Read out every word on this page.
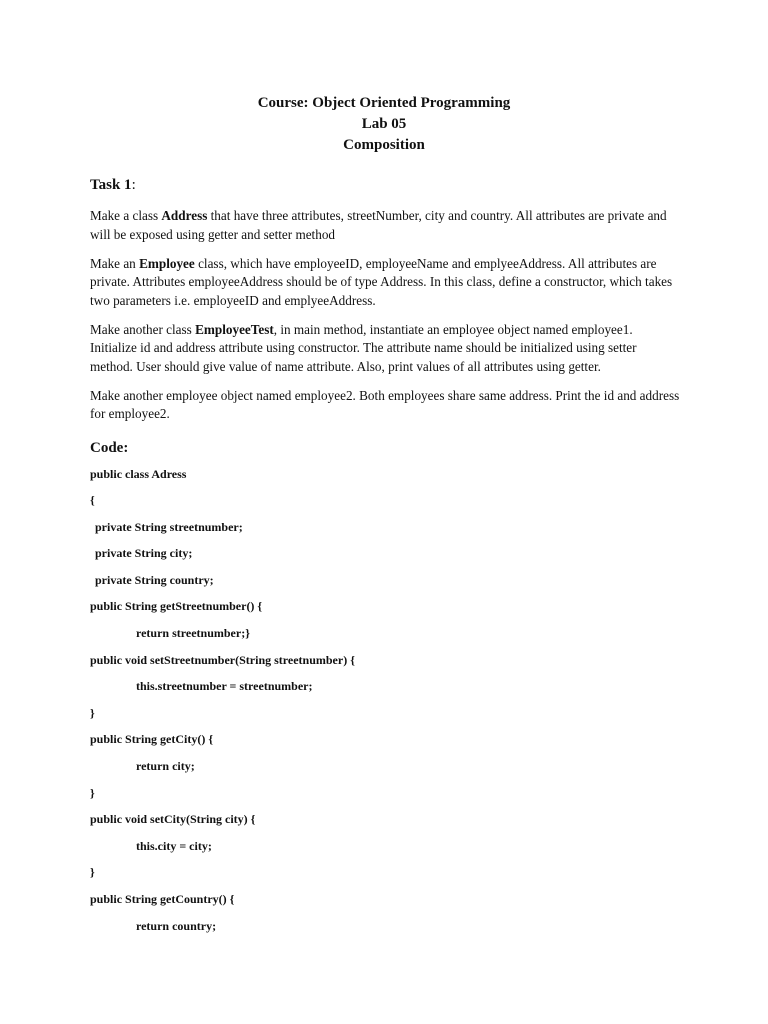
Course: Object Oriented Programming
Lab 05
Composition
Task 1:
Make a class Address that have three attributes, streetNumber, city and country. All attributes are private and will be exposed using getter and setter method
Make an Employee class, which have employeeID, employeeName and emplyeeAddress. All attributes are private. Attributes employeeAddress should be of type Address. In this class, define a constructor, which takes two parameters i.e. employeeID and emplyeeAddress.
Make another class EmployeeTest, in main method, instantiate an employee object named employee1. Initialize id and address attribute using constructor. The attribute name should be initialized using setter method. User should give value of name attribute. Also, print values of all attributes using getter.
Make another employee object named employee2. Both employees share same address. Print the id and address for employee2.
Code:
public class Adress
{
private String streetnumber;
private String city;
private String country;
public String getStreetnumber() {
return streetnumber;}
public void setStreetnumber(String streetnumber) {
this.streetnumber = streetnumber;
}
public String getCity() {
return city;
}
public void setCity(String city) {
this.city = city;
}
public String getCountry() {
return country;
